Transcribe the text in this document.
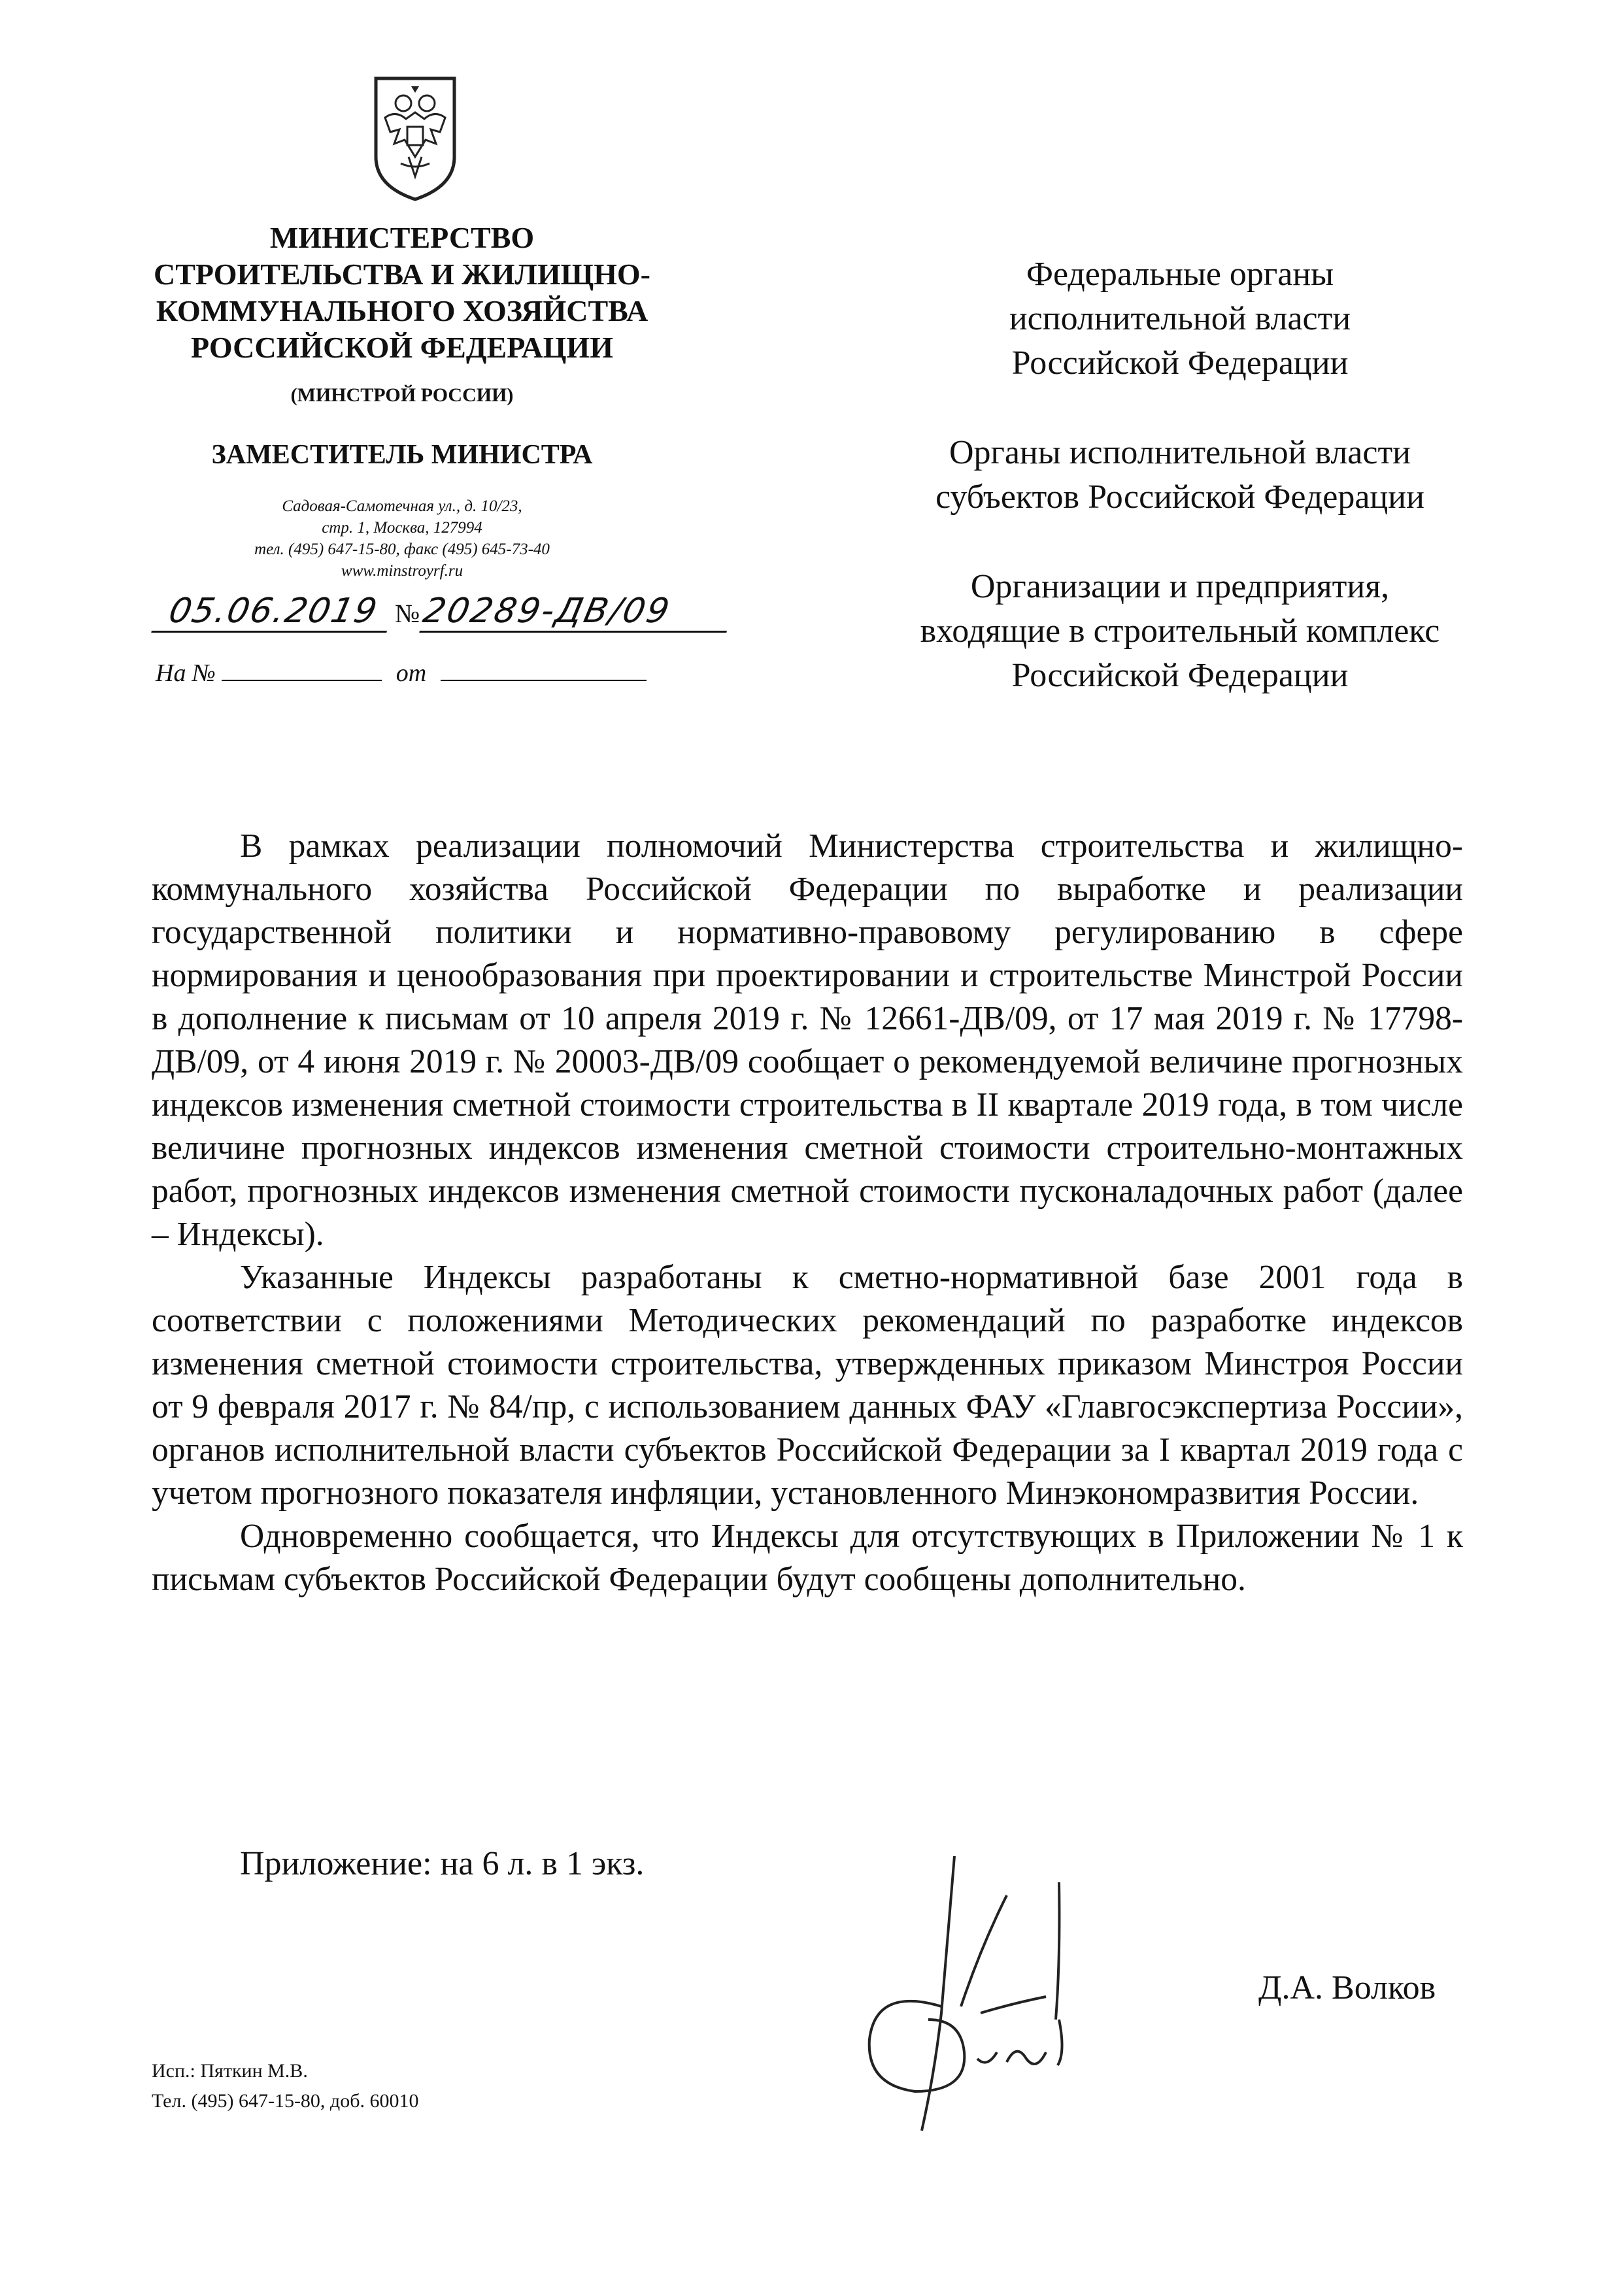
МИНИСТЕРСТВО
СТРОИТЕЛЬСТВА И ЖИЛИЩНО-
КОММУНАЛЬНОГО ХОЗЯЙСТВА
РОССИЙСКОЙ ФЕДЕРАЦИИ
(МИНСТРОЙ РОССИИ)
ЗАМЕСТИТЕЛЬ МИНИСТРА
Садовая-Самотечная ул., д. 10/23,
стр. 1, Москва, 127994
тел. (495) 647-15-80, факс (495) 645-73-40
www.minstroyrf.ru
05.06.2019 №20289-ДВ/09
На №	от
Федеральные органы
исполнительной власти
Российской Федерации
Органы исполнительной власти
субъектов Российской Федерации
Организации и предприятия,
входящие в строительный комплекс
Российской Федерации

В рамках реализации полномочий Министерства строительства и жилищно-коммунального хозяйства Российской Федерации по выработке и реализации государственной политики и нормативно-правовому регулированию в сфере нормирования и ценообразования при проектировании и строительстве Минстрой России в дополнение к письмам от 10 апреля 2019 г. № 12661-ДВ/09, от 17 мая 2019 г. № 17798-ДВ/09, от 4 июня 2019 г. № 20003-ДВ/09 сообщает о рекомендуемой величине прогнозных индексов изменения сметной стоимости строительства в II квартале 2019 года, в том числе величине прогнозных индексов изменения сметной стоимости строительно-монтажных работ, прогнозных индексов изменения сметной стоимости пусконаладочных работ (далее – Индексы).

Указанные Индексы разработаны к сметно-нормативной базе 2001 года в соответствии с положениями Методических рекомендаций по разработке индексов изменения сметной стоимости строительства, утвержденных приказом Минстроя России от 9 февраля 2017 г. № 84/пр, с использованием данных ФАУ «Главгосэкспертиза России», органов исполнительной власти субъектов Российской Федерации за I квартал 2019 года с учетом прогнозного показателя инфляции, установленного Минэкономразвития России.

Одновременно сообщается, что Индексы для отсутствующих в Приложении № 1 к письмам субъектов Российской Федерации будут сообщены дополнительно.

Приложение: на 6 л. в 1 экз.
Д.А. Волков
Исп.: Пяткин М.В.
Тел. (495) 647-15-80, доб. 60010
